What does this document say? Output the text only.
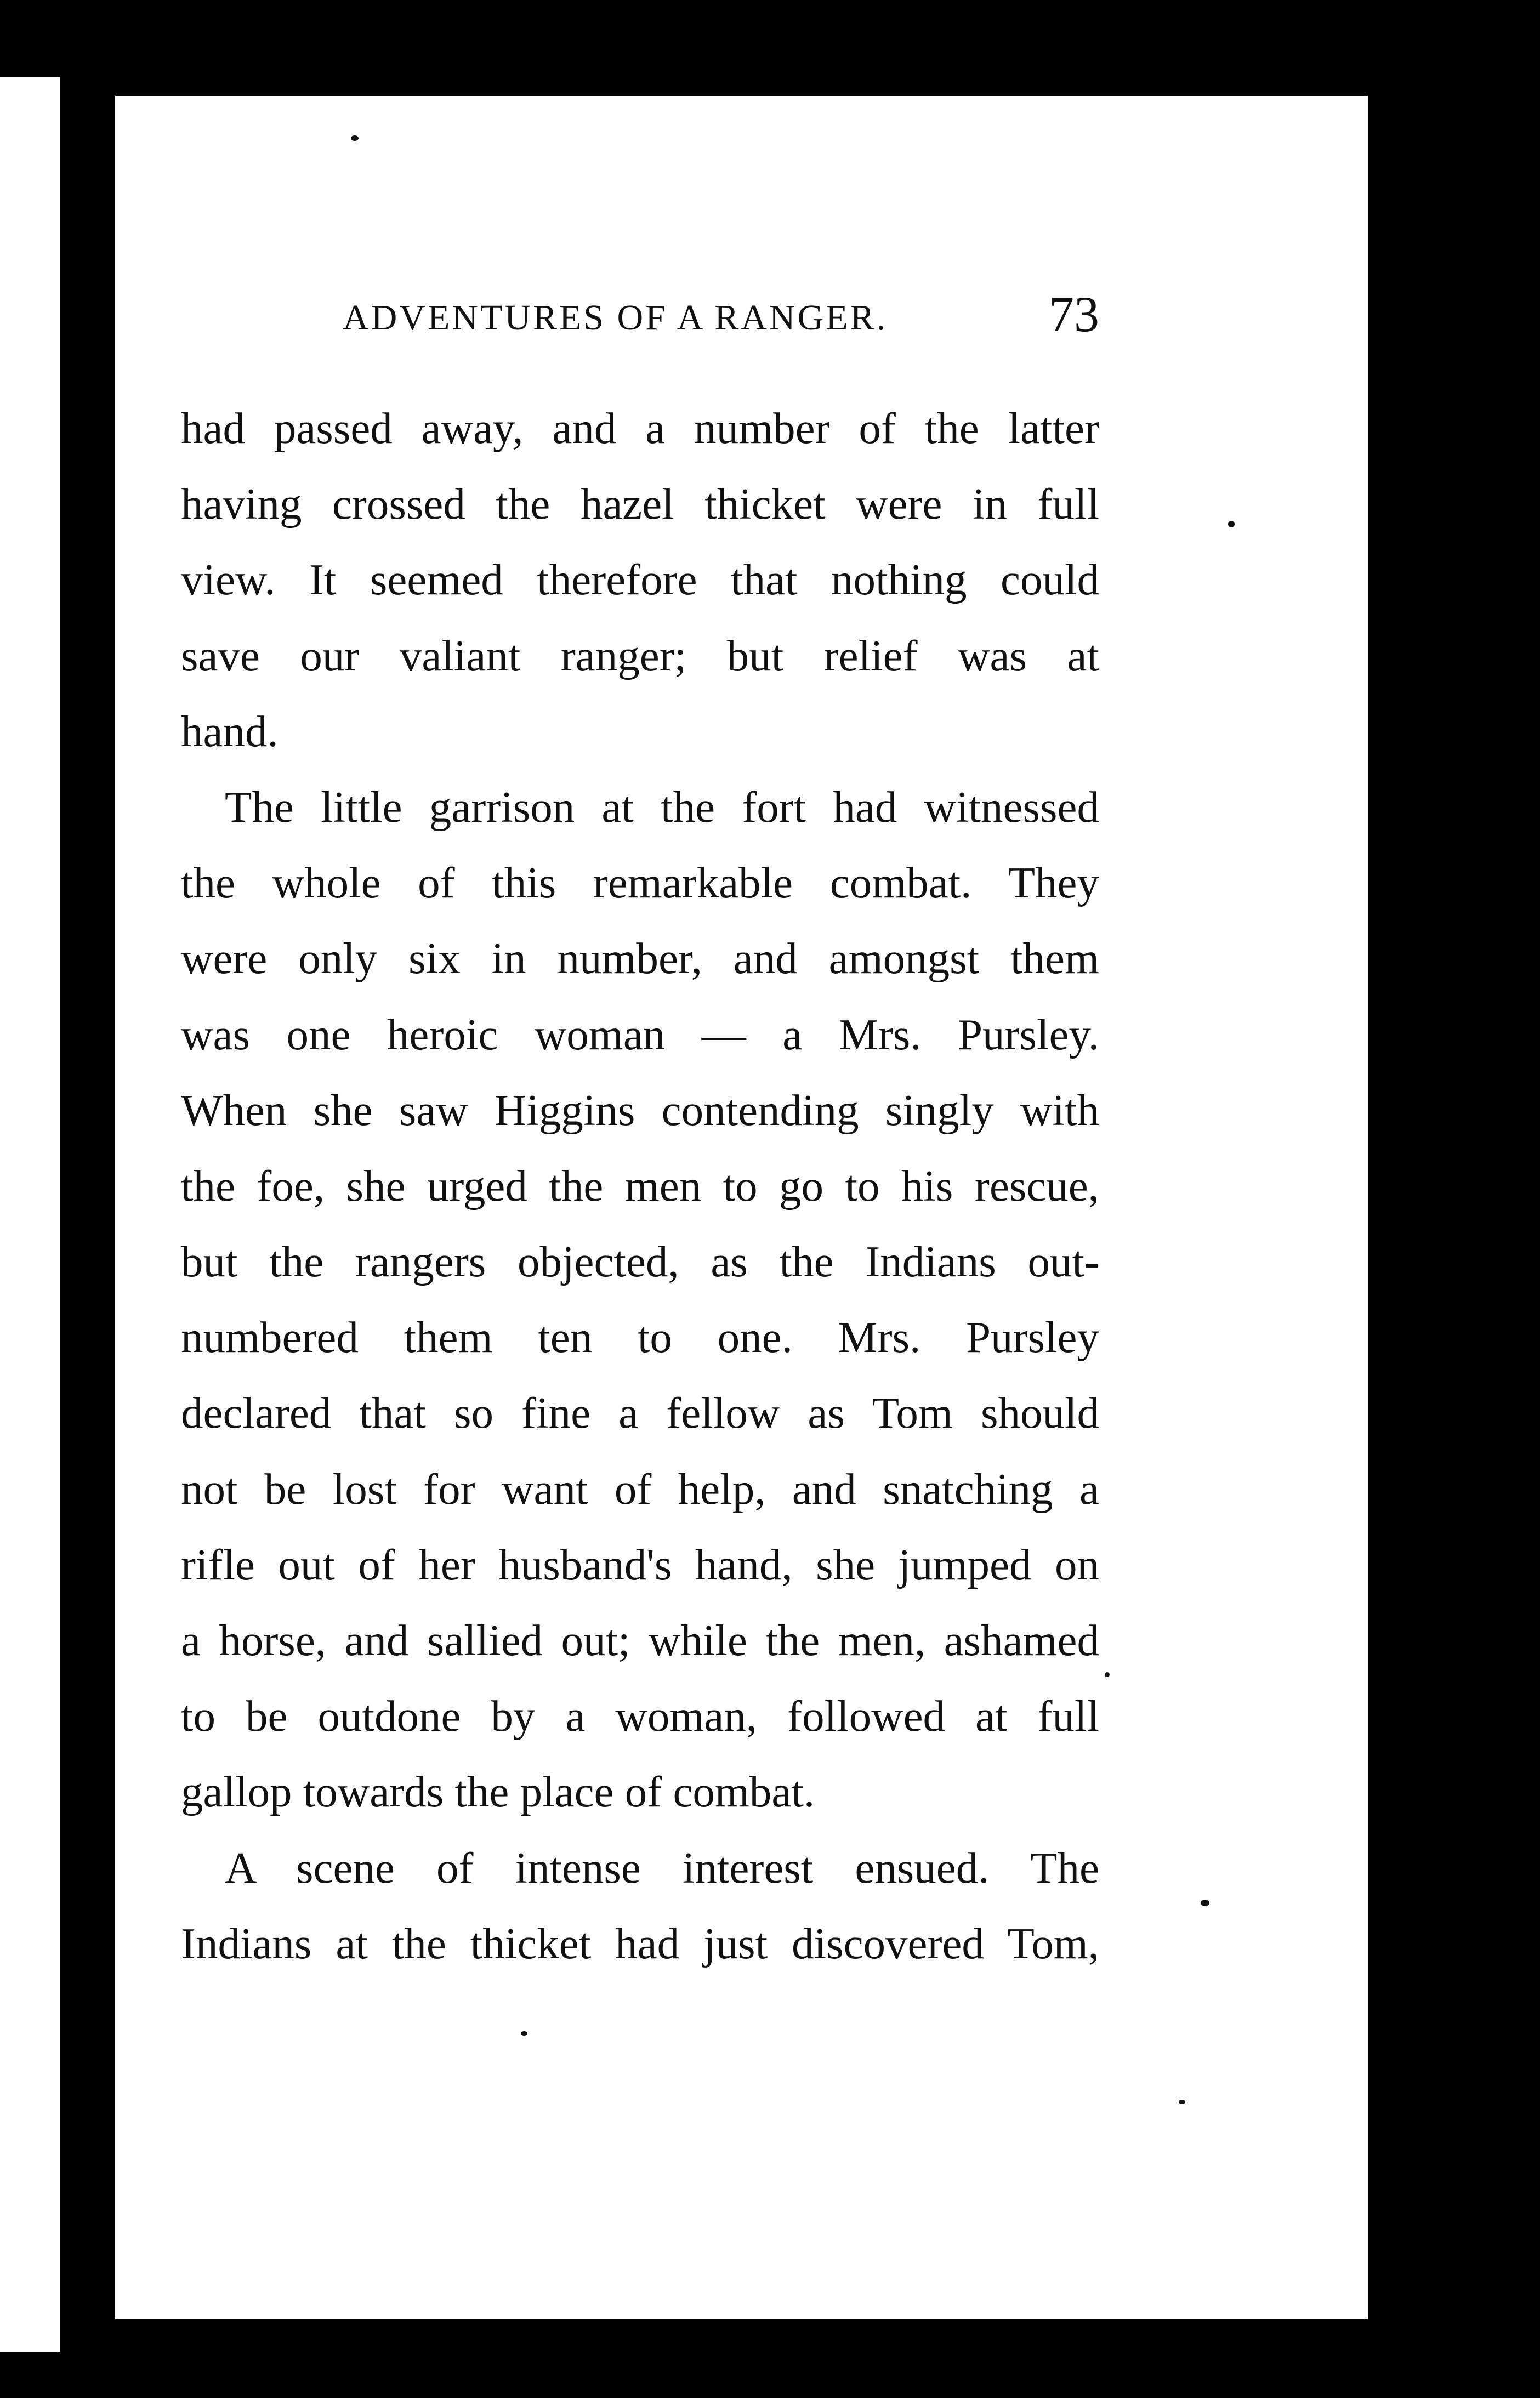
ADVENTURES OF A RANGER.	73
had passed away, and a number of the latter
having crossed the hazel thicket were in full
view. It seemed therefore that nothing could
save our valiant ranger; but relief was at
hand.
The little garrison at the fort had witnessed
the whole of this remarkable combat. They
were only six in number, and amongst them
was one heroic woman — a Mrs. Pursley.
When she saw Higgins contending singly with
the foe, she urged the men to go to his rescue,
but the rangers objected, as the Indians out-
numbered them ten to one. Mrs. Pursley
declared that so fine a fellow as Tom should
not be lost for want of help, and snatching a
rifle out of her husband's hand, she jumped on
a horse, and sallied out; while the men, ashamed
to be outdone by a woman, followed at full
gallop towards the place of combat.
A scene of intense interest ensued. The
Indians at the thicket had just discovered Tom,
